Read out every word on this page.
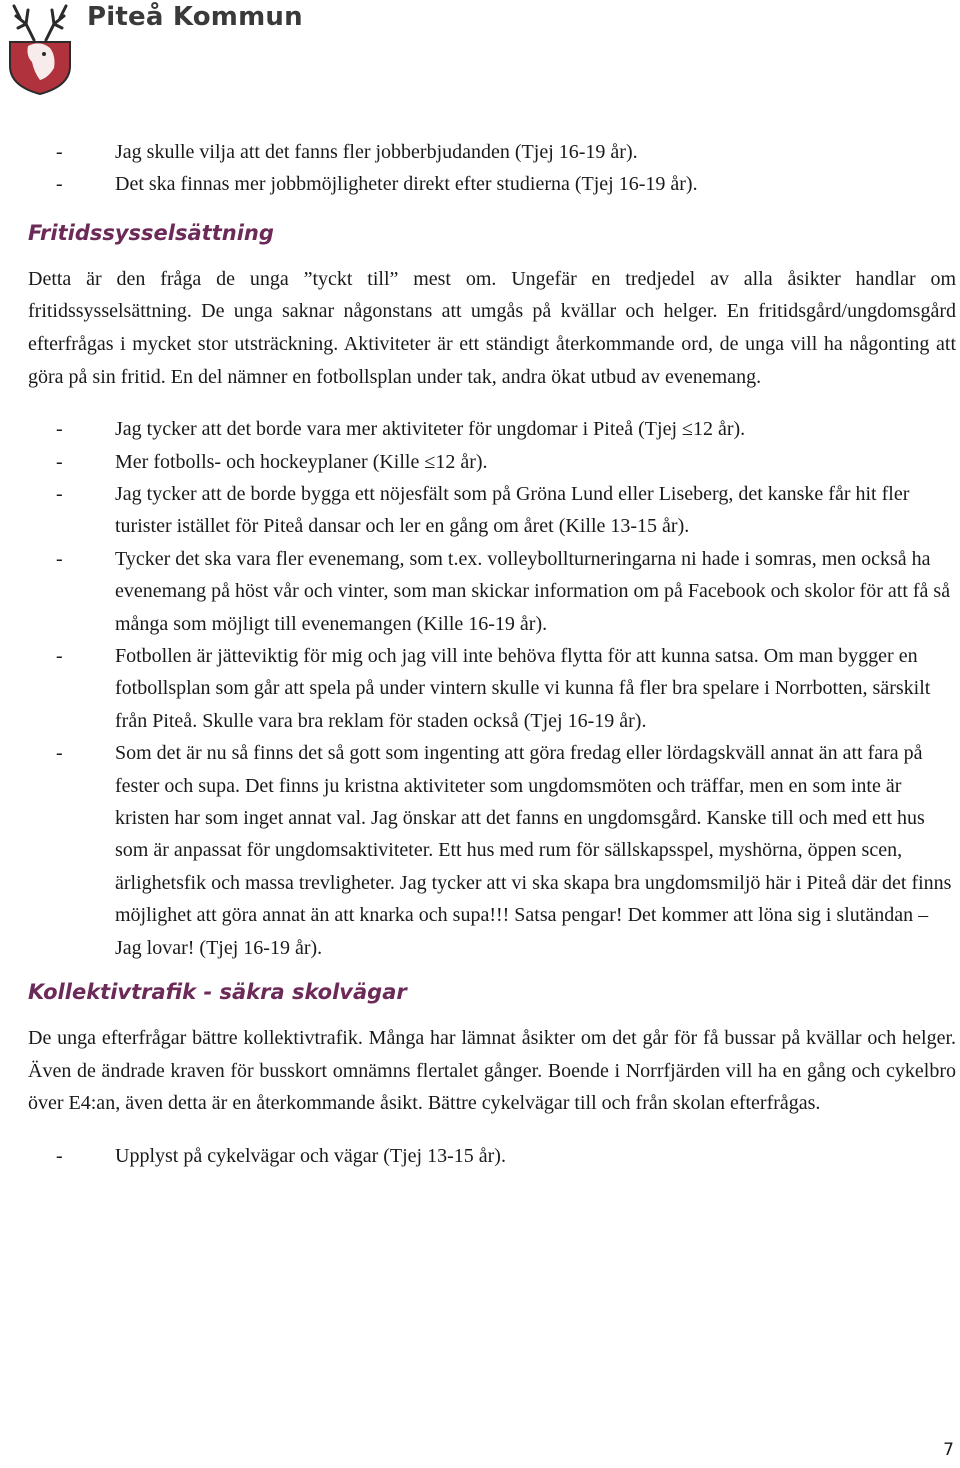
Piteå Kommun
-	Jag skulle vilja att det fanns fler jobberbjudanden (Tjej 16-19 år).
-	Det ska finnas mer jobbmöjligheter direkt efter studierna (Tjej 16-19 år).
Fritidssysselsättning

Detta är den fråga de unga ”tyckt till” mest om. Ungefär en tredjedel av alla åsikter handlar om fritidssysselsättning. De unga saknar någonstans att umgås på kvällar och helger. En fritidsgård/ungdomsgård efterfrågas i mycket stor utsträckning. Aktiviteter är ett ständigt återkommande ord, de unga vill ha någonting att göra på sin fritid. En del nämner en fotbollsplan under tak, andra ökat utbud av evenemang.

-	Jag tycker att det borde vara mer aktiviteter för ungdomar i Piteå (Tjej ≤12 år).
-	Mer fotbolls- och hockeyplaner (Kille ≤12 år).
-	Jag tycker att de borde bygga ett nöjesfält som på Gröna Lund eller Liseberg, det kanske får hit fler turister istället för Piteå dansar och ler en gång om året (Kille 13-15 år).
-	Tycker det ska vara fler evenemang, som t.ex. volleybollturneringarna ni hade i somras, men också ha evenemang på höst vår och vinter, som man skickar information om på Facebook och skolor för att få så många som möjligt till evenemangen (Kille 16-19 år).
-	Fotbollen är jätteviktig för mig och jag vill inte behöva flytta för att kunna satsa. Om man bygger en fotbollsplan som går att spela på under vintern skulle vi kunna få fler bra spelare i Norrbotten, särskilt från Piteå. Skulle vara bra reklam för staden också (Tjej 16-19 år).
-	Som det är nu så finns det så gott som ingenting att göra fredag eller lördagskväll annat än att fara på fester och supa. Det finns ju kristna aktiviteter som ungdomsmöten och träffar, men en som inte är kristen har som inget annat val. Jag önskar att det fanns en ungdomsgård. Kanske till och med ett hus som är anpassat för ungdomsaktiviteter. Ett hus med rum för sällskapsspel, myshörna, öppen scen, ärlighetsfik och massa trevligheter. Jag tycker att vi ska skapa bra ungdomsmiljö här i Piteå där det finns möjlighet att göra annat än att knarka och supa!!! Satsa pengar! Det kommer att löna sig i slutändan – Jag lovar! (Tjej 16-19 år).
Kollektivtrafik - säkra skolvägar

De unga efterfrågar bättre kollektivtrafik. Många har lämnat åsikter om det går för få bussar på kvällar och helger. Även de ändrade kraven för busskort omnämns flertalet gånger. Boende i Norrfjärden vill ha en gång och cykelbro över E4:an, även detta är en återkommande åsikt. Bättre cykelvägar till och från skolan efterfrågas.

-	Upplyst på cykelvägar och vägar (Tjej 13-15 år).
7
